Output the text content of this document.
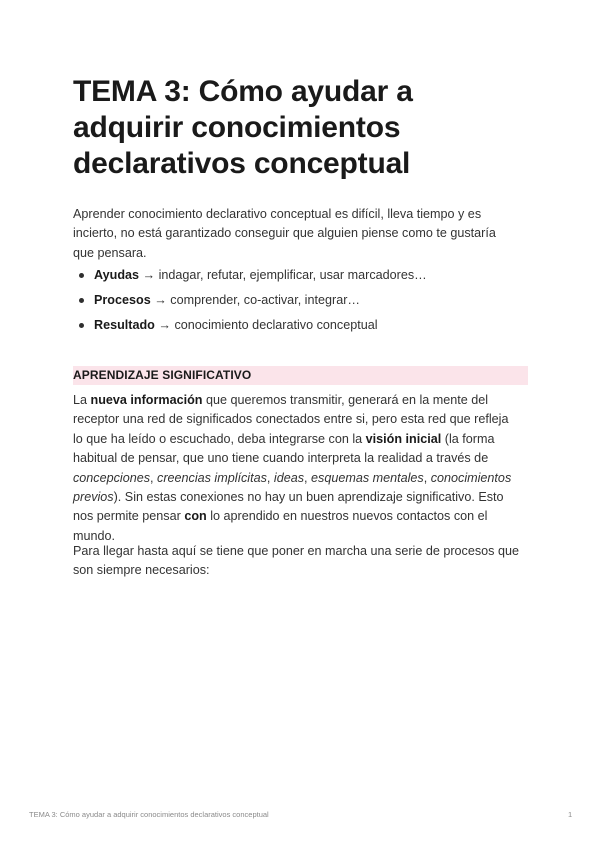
TEMA 3: Cómo ayudar a
adquirir conocimientos
declarativos conceptual

Aprender conocimiento declarativo conceptual es difícil, lleva tiempo y es
incierto, no está garantizado conseguir que alguien piense como te gustaría
que pensara.

Ayudas → indagar, refutar, ejemplificar, usar marcadores…
Procesos → comprender, co-activar, integrar…
Resultado → conocimiento declarativo conceptual
APRENDIZAJE SIGNIFICATIVO

La nueva información que queremos transmitir, generará en la mente del
receptor una red de significados conectados entre si, pero esta red que refleja
lo que ha leído o escuchado, deba integrarse con la visión inicial (la forma
habitual de pensar, que uno tiene cuando interpreta la realidad a través de
concepciones, creencias implícitas, ideas, esquemas mentales, conocimientos
previos). Sin estas conexiones no hay un buen aprendizaje significativo. Esto
nos permite pensar con lo aprendido en nuestros nuevos contactos con el
mundo.

Para llegar hasta aquí se tiene que poner en marcha una serie de procesos que
son siempre necesarios:

TEMA 3: Cómo ayudar a adquirir conocimientos declarativos conceptual	1
